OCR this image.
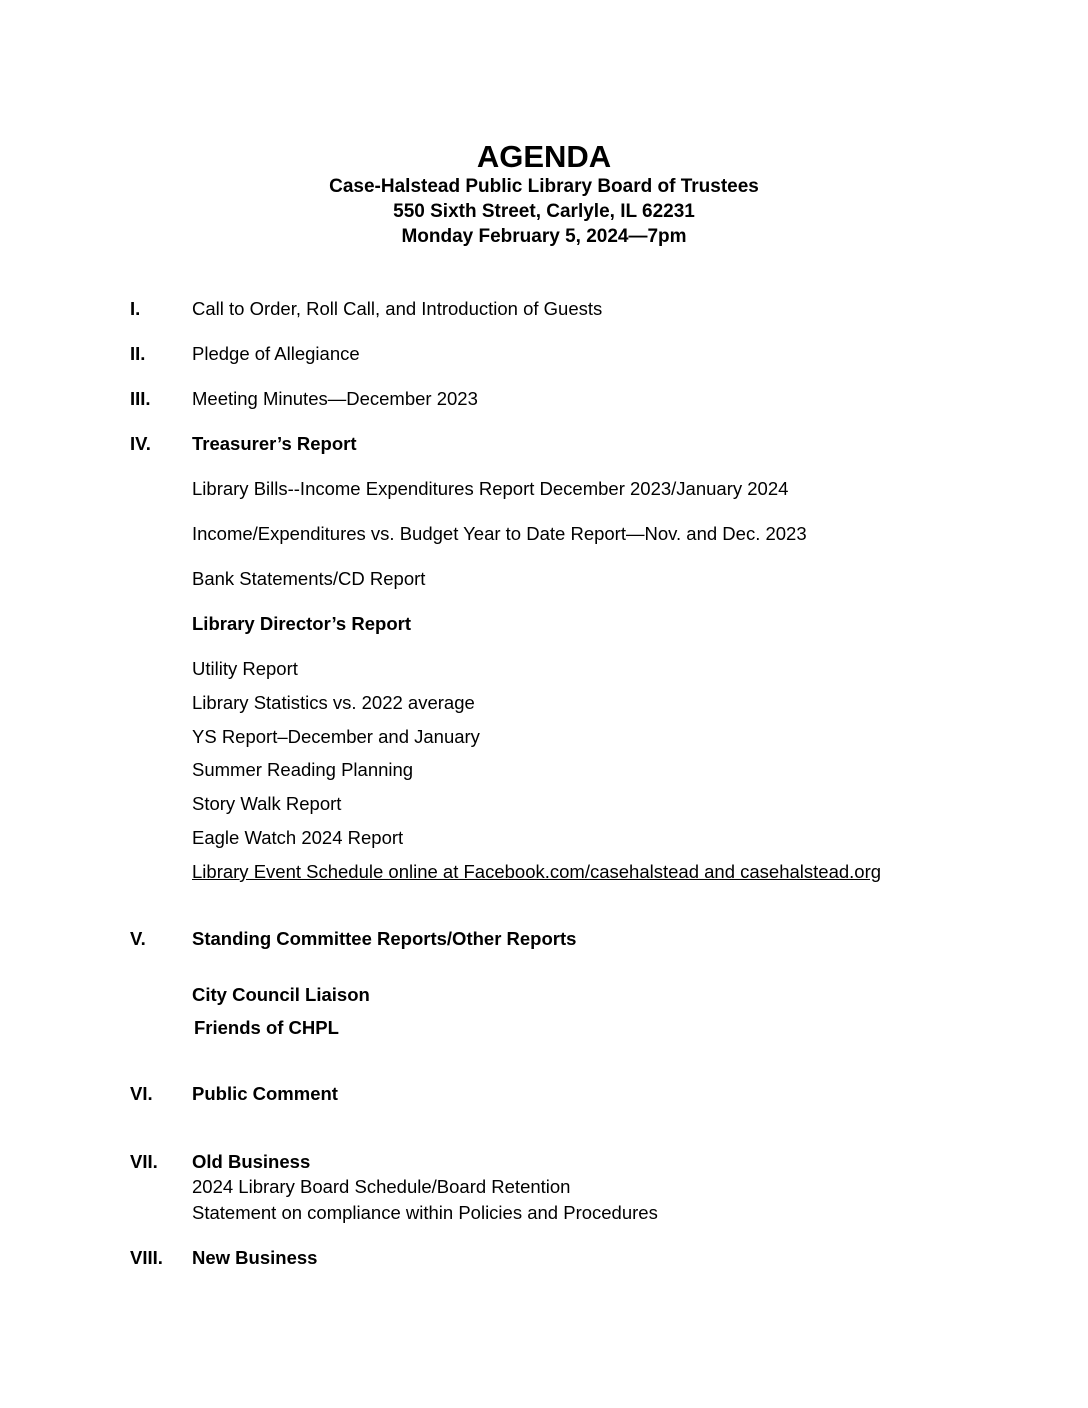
AGENDA
Case-Halstead Public Library Board of Trustees
550 Sixth Street, Carlyle, IL 62231
Monday February 5, 2024—7pm
I.	Call to Order, Roll Call, and Introduction of Guests
II.	Pledge of Allegiance
III. Meeting Minutes—December 2023
IV. Treasurer’s Report
Library Bills--Income Expenditures Report December 2023/January 2024
Income/Expenditures vs. Budget Year to Date Report—Nov. and Dec. 2023
Bank Statements/CD Report
Library Director’s Report
Utility Report
Library Statistics vs. 2022 average
YS Report–December and January
Summer Reading Planning
Story Walk Report
Eagle Watch 2024 Report
Library Event Schedule online at Facebook.com/casehalstead and casehalstead.org
V. Standing Committee Reports/Other Reports
City Council Liaison
Friends of CHPL
VI. Public Comment
VII. Old Business
2024 Library Board Schedule/Board Retention
Statement on compliance within Policies and Procedures
VIII. New Business
